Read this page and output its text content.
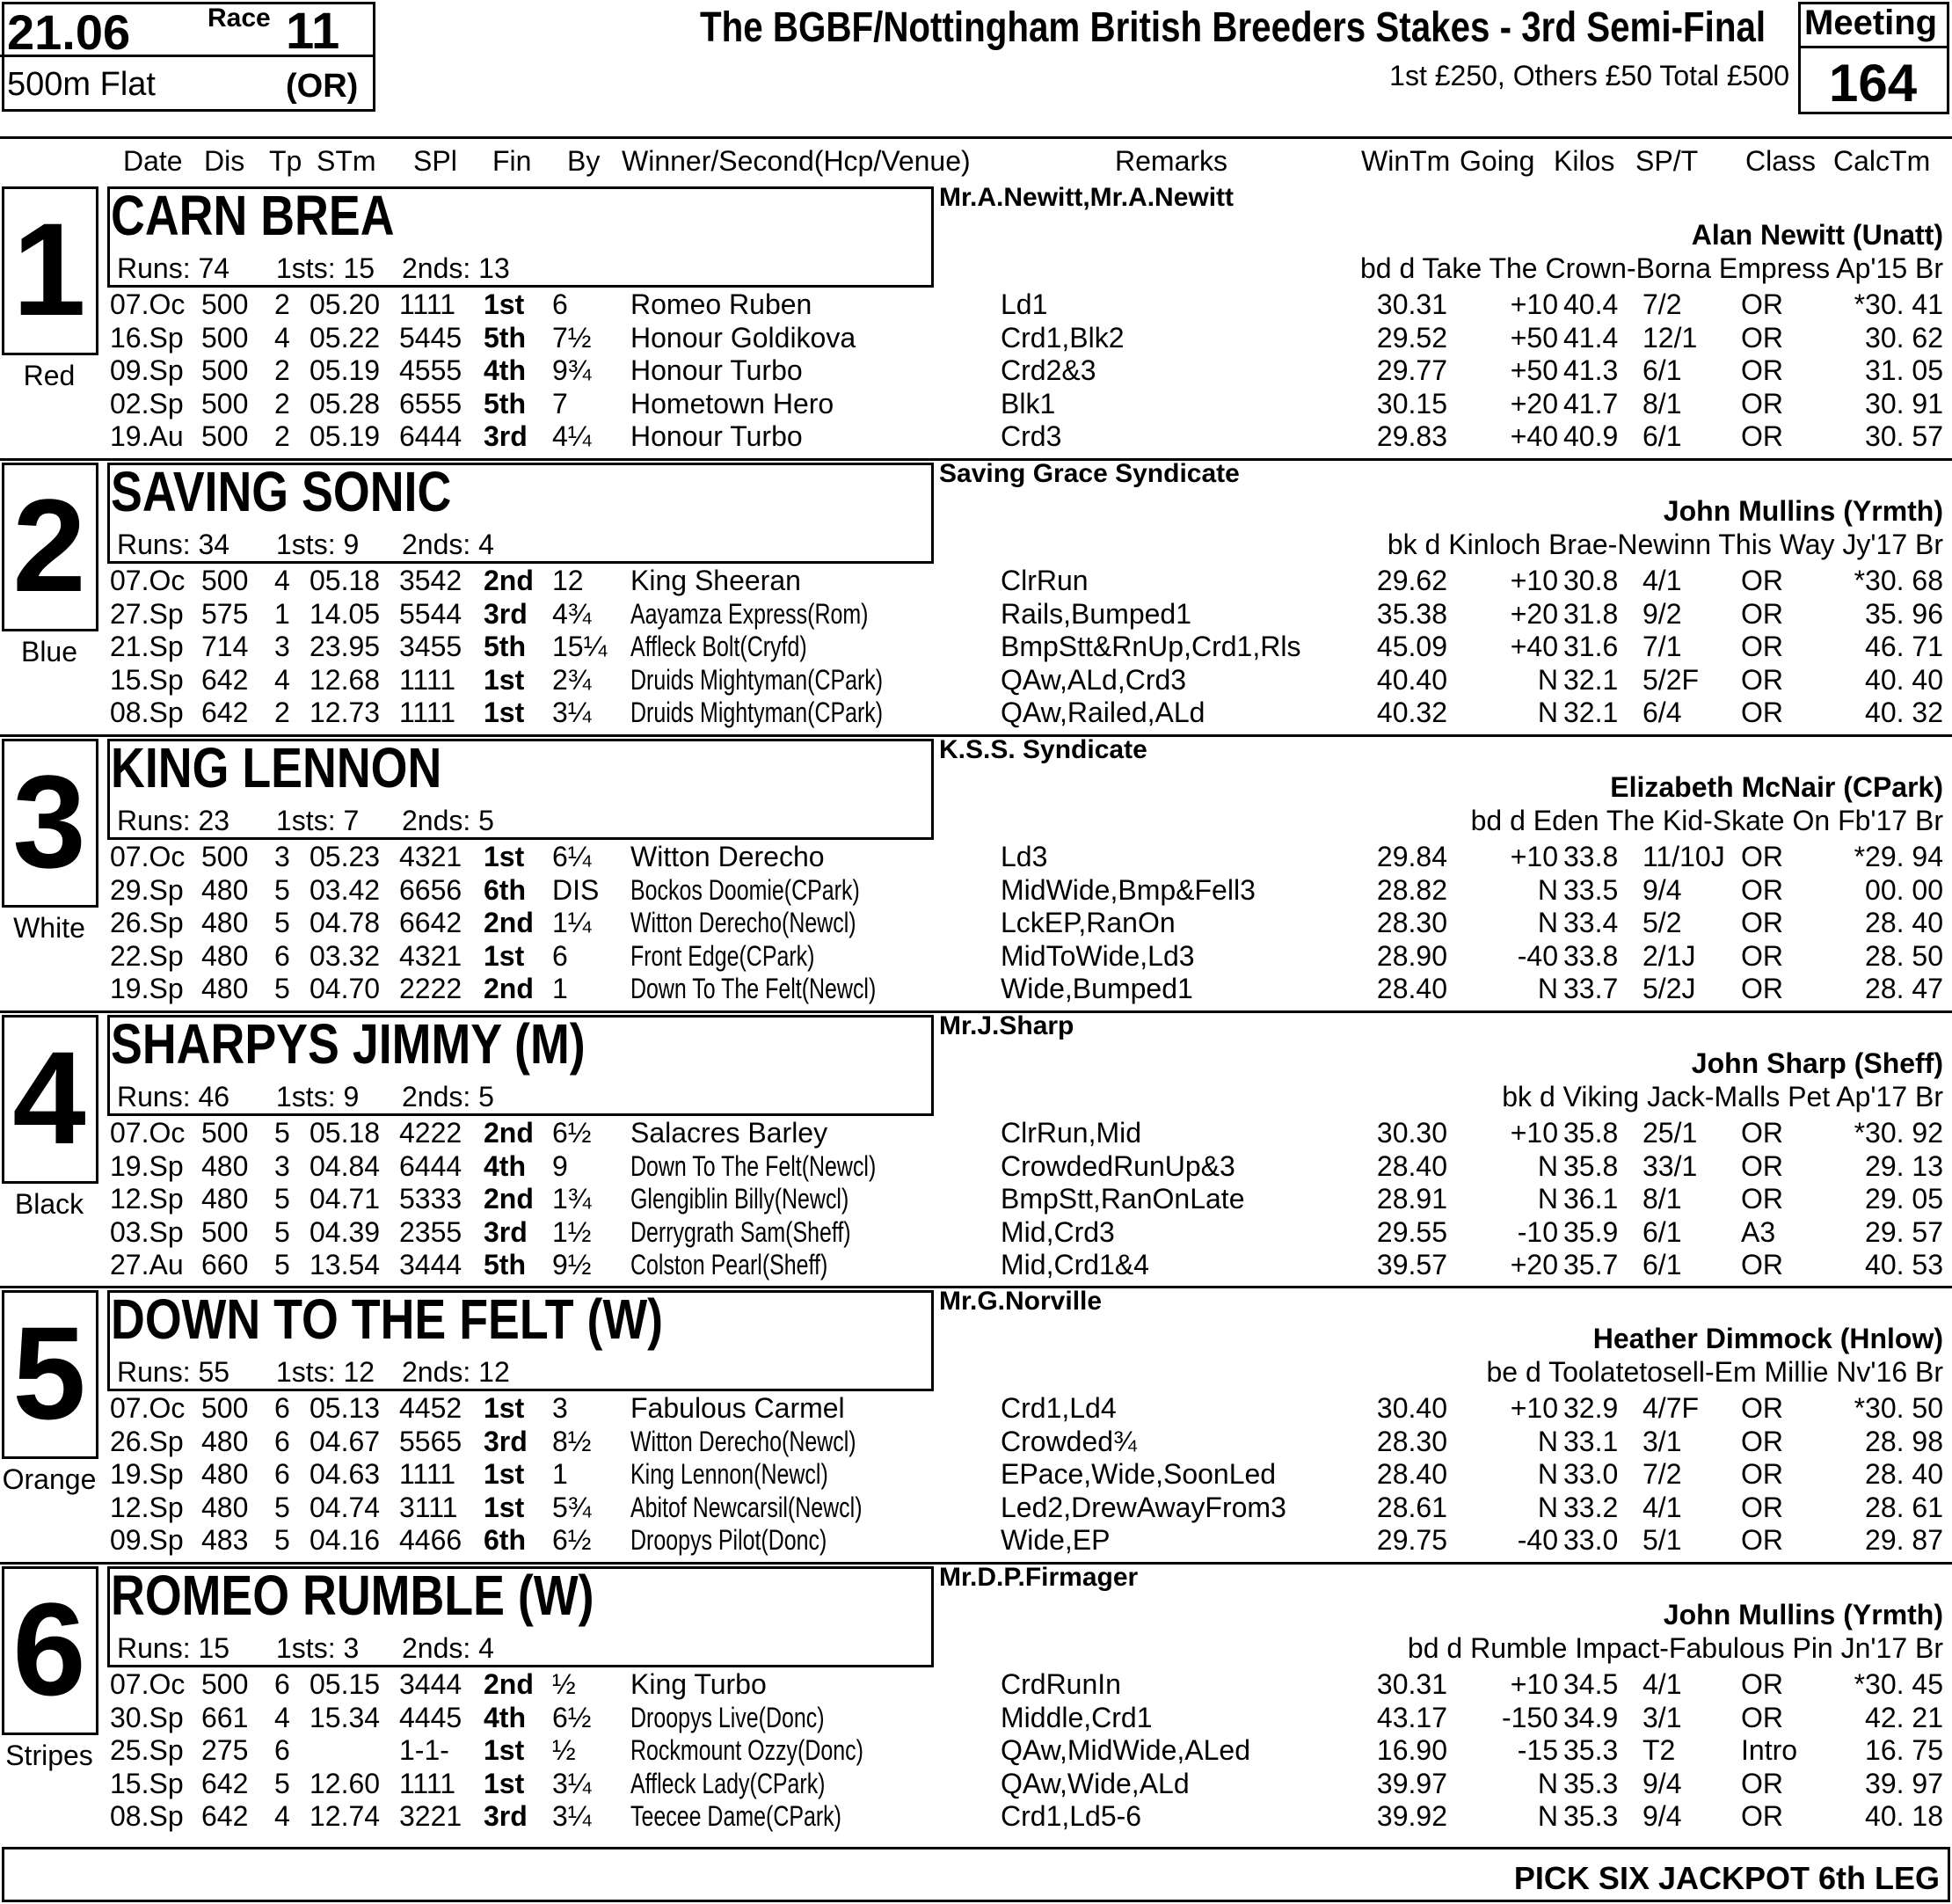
21.06	Race 11
500m Flat	(OR)
The BGBF/Nottingham British Breeders Stakes - 3rd Semi-Final
1st £250, Others £50 Total £500
Meeting
164
Date Dis Tp STm SPl Fin By Winner/Second(Hcp/Venue)	Remarks	WinTm Going Kilos SP/T Class CalcTm
1
Red
CARN BREA
Runs: 74 1sts: 15 2nds: 13
Mr.A.Newitt,Mr.A.Newitt
Alan Newitt (Unatt)
bd d Take The Crown-Borna Empress Ap'15 Br
07.Oc 500 2 05.20 1111 1st 6 Romeo Ruben	Ld1	30.31 +10 40.4 7/2 OR	*30. 41
16.Sp 500 4 05.22 5445 5th 7½ Honour Goldikova	Crd1,Blk2	29.52 +50 41.4 12/1 OR	30. 62
09.Sp 500 2 05.19 4555 4th 9¾ Honour Turbo	Crd2&3	29.77 +50 41.3 6/1 OR	31. 05
02.Sp 500 2 05.28 6555 5th 7 Hometown Hero	Blk1	30.15 +20 41.7 8/1 OR	30. 91
19.Au 500 2 05.19 6444 3rd 4¼ Honour Turbo	Crd3	29.83 +40 40.9 6/1 OR	30. 57
2
Blue
SAVING SONIC
Runs: 34 1sts: 9 2nds: 4
Saving Grace Syndicate
John Mullins (Yrmth)
bk d Kinloch Brae-Newinn This Way Jy'17 Br
07.Oc 500 4 05.18 3542 2nd 12 King Sheeran	ClrRun	29.62 +10 30.8 4/1 OR	*30. 68
27.Sp 575 1 14.05 5544 3rd 4¾ Aayamza Express(Rom)	Rails,Bumped1	35.38 +20 31.8 9/2 OR	35. 96
21.Sp 714 3 23.95 3455 5th 15¼ Affleck Bolt(Cryfd)	BmpStt&RnUp,Crd1,Rls	45.09 +40 31.6 7/1 OR	46. 71
15.Sp 642 4 12.68 1111 1st 2¾ Druids Mightyman(CPark)	QAw,ALd,Crd3	40.40	N 32.1 5/2F OR	40. 40
08.Sp 642 2 12.73 1111 1st 3¼ Druids Mightyman(CPark)	QAw,Railed,ALd	40.32	N 32.1 6/4 OR	40. 32
3
White
KING LENNON
Runs: 23 1sts: 7 2nds: 5
K.S.S. Syndicate
Elizabeth McNair (CPark)
bd d Eden The Kid-Skate On Fb'17 Br
07.Oc 500 3 05.23 4321 1st 6¼ Witton Derecho	Ld3	29.84 +10 33.8 11/10J OR	*29. 94
29.Sp 480 5 03.42 6656 6th DIS Bockos Doomie(CPark)	MidWide,Bmp&Fell3	28.82	N 33.5 9/4 OR	00. 00
26.Sp 480 5 04.78 6642 2nd 1¼ Witton Derecho(Newcl)	LckEP,RanOn	28.30	N 33.4 5/2 OR	28. 40
22.Sp 480 6 03.32 4321 1st 6 Front Edge(CPark)	MidToWide,Ld3	28.90 -40 33.8 2/1J OR	28. 50
19.Sp 480 5 04.70 2222 2nd 1 Down To The Felt(Newcl)	Wide,Bumped1	28.40	N 33.7 5/2J OR	28. 47
4
Black
SHARPYS JIMMY (M)
Runs: 46 1sts: 9 2nds: 5
Mr.J.Sharp
John Sharp (Sheff)
bk d Viking Jack-Malls Pet Ap'17 Br
07.Oc 500 5 05.18 4222 2nd 6½ Salacres Barley	ClrRun,Mid	30.30 +10 35.8 25/1 OR	*30. 92
19.Sp 480 3 04.84 6444 4th 9 Down To The Felt(Newcl)	CrowdedRunUp&3	28.40	N 35.8 33/1 OR	29. 13
12.Sp 480 5 04.71 5333 2nd 1¾ Glengiblin Billy(Newcl)	BmpStt,RanOnLate	28.91	N 36.1 8/1 OR	29. 05
03.Sp 500 5 04.39 2355 3rd 1½ Derrygrath Sam(Sheff)	Mid,Crd3	29.55 -10 35.9 6/1 A3	29. 57
27.Au 660 5 13.54 3444 5th 9½ Colston Pearl(Sheff)	Mid,Crd1&4	39.57 +20 35.7 6/1 OR	40. 53
5
Orange
DOWN TO THE FELT (W)
Runs: 55 1sts: 12 2nds: 12
Mr.G.Norville
Heather Dimmock (Hnlow)
be d Toolatetosell-Em Millie Nv'16 Br
07.Oc 500 6 05.13 4452 1st 3 Fabulous Carmel	Crd1,Ld4	30.40 +10 32.9 4/7F OR	*30. 50
26.Sp 480 6 04.67 5565 3rd 8½ Witton Derecho(Newcl)	Crowded¾	28.30	N 33.1 3/1 OR	28. 98
19.Sp 480 6 04.63 1111 1st 1 King Lennon(Newcl)	EPace,Wide,SoonLed	28.40	N 33.0 7/2 OR	28. 40
12.Sp 480 5 04.74 3111 1st 5¾ Abitof Newcarsil(Newcl)	Led2,DrewAwayFrom3	28.61	N 33.2 4/1 OR	28. 61
09.Sp 483 5 04.16 4466 6th 6½ Droopys Pilot(Donc)	Wide,EP	29.75 -40 33.0 5/1 OR	29. 87
6
Stripes
ROMEO RUMBLE (W)
Runs: 15 1sts: 3 2nds: 4
Mr.D.P.Firmager
John Mullins (Yrmth)
bd d Rumble Impact-Fabulous Pin Jn'17 Br
07.Oc 500 6 05.15 3444 2nd ½ King Turbo	CrdRunIn	30.31 +10 34.5 4/1 OR	*30. 45
30.Sp 661 4 15.34 4445 4th 6½ Droopys Live(Donc)	Middle,Crd1	43.17 -150 34.9 3/1 OR	42. 21
25.Sp 275 6	1-1- 1st ½ Rockmount Ozzy(Donc)	QAw,MidWide,ALed	16.90 -15 35.3 T2 Intro 16. 75
15.Sp 642 5 12.60 1111 1st 3¼ Affleck Lady(CPark)	QAw,Wide,ALd	39.97	N 35.3 9/4 OR	39. 97
08.Sp 642 4 12.74 3221 3rd 3¼ Teecee Dame(CPark)	Crd1,Ld5-6	39.92	N 35.3 9/4 OR	40. 18
PICK SIX JACKPOT 6th LEG
